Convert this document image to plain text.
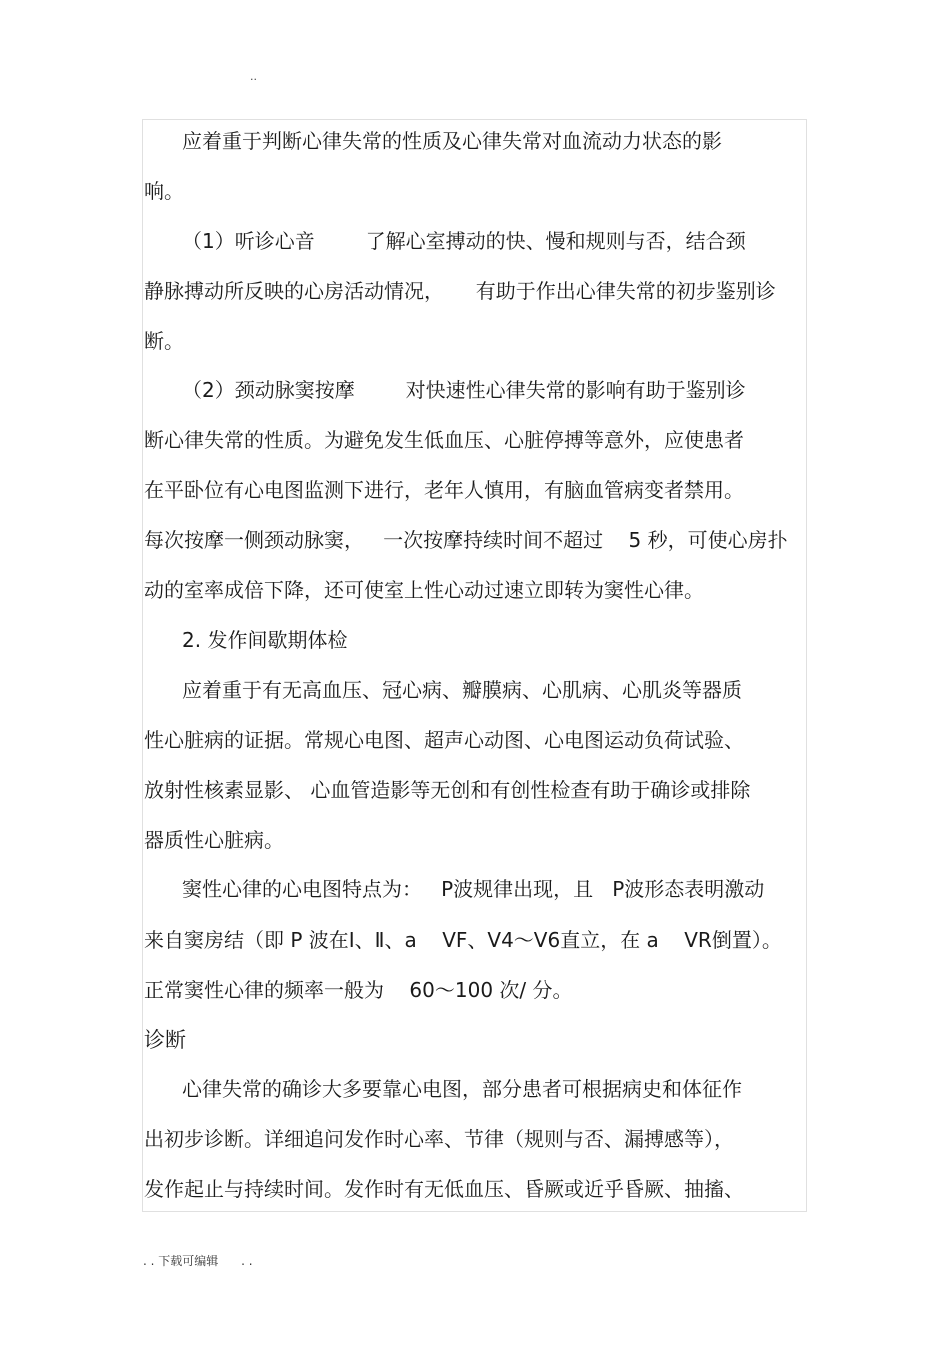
..
应着重于判断心律失常的性质及心律失常对血流动力状态的影
响。
（1）听诊心音        了解心室搏动的快、慢和规则与否，结合颈
静脉搏动所反映的心房活动情况，     有助于作出心律失常的初步鉴别诊
断。
（2）颈动脉窦按摩        对快速性心律失常的影响有助于鉴别诊
断心律失常的性质。为避免发生低血压、心脏停搏等意外，应使患者
在平卧位有心电图监测下进行，老年人慎用，有脑血管病变者禁用。
每次按摩一侧颈动脉窦，   一次按摩持续时间不超过    5 秒，可使心房扑
动的室率成倍下降，还可使室上性心动过速立即转为窦性心律。
2. 发作间歇期体检
应着重于有无高血压、冠心病、瓣膜病、心肌病、心肌炎等器质
性心脏病的证据。常规心电图、超声心动图、心电图运动负荷试验、
放射性核素显影、 心血管造影等无创和有创性检查有助于确诊或排除
器质性心脏病。
窦性心律的心电图特点为：   P波规律出现，且   P波形态表明激动
来自窦房结（即 P 波在Ⅰ、Ⅱ、a    VF、V4～V6直立，在 a    VR倒置）。
正常窦性心律的频率一般为    60～100 次/ 分。
诊断
心律失常的确诊大多要靠心电图，部分患者可根据病史和体征作
出初步诊断。详细追问发作时心率、节律（规则与否、漏搏感等），
发作起止与持续时间。发作时有无低血压、昏厥或近乎昏厥、抽搐、
. . 下载可编辑      . .
